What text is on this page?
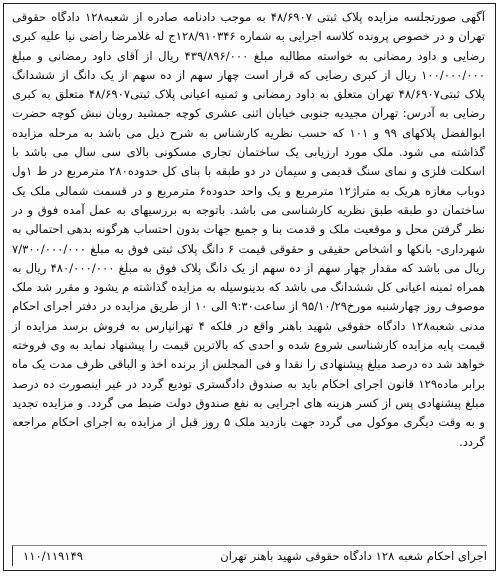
آگهی صورتجلسه مزایده پلاک ثبتی ۴۸/۶۹۰۷ به موجب دادنامه صادره از شعبه۱۲۸ دادگاه حقوقی تهران و در خصوص پرونده کلاسه اجرایی به شماره ۱۲۸/۹۱۰۳۴۶ج له غلامرضا راضی نیا علیه کبری رضایی و داود رمضانی به خواسته مطالبه مبلغ ۴۳۹/۸۹۶/۰۰۰ ریال از آقای داود رمضانی و مبلغ ۱۰۰/۰۰۰/۰۰۰ ریال از کبری رضایی که قرار است چهار سهم از ده سهم از یک دانگ از ششدانگ پلاک ثبتی۴۸/۶۹۰۷ تهران متعلق به داود رمضانی و ثمنیه اعیانی پلاک ثبتی۴۸/۶۹۰۷ متعلق به کبری رضایی به آدرس: تهران مجیدیه جنوبی خیابان اثنی عشری کوچه جمشید روبان نبش کوچه حضرت ابوالفضل پلاکهای ۹۹ و ۱۰۱ که حسب نظریه کارشناس به شرح ذیل می باشد به مرحله مزایده گذاشته می شود. ملک مورد ارزیابی یک ساختمان تجاری مسکونی بالای سی سال می باشد با اسکلت فلزی و نمای سنگ قدیمی و سیمان در دو طبقه با بنای کل حدوده۲۸۰ مترمربع در ط ۱ول دوباب مغازه هریک به متراژ۱۲ مترمربع و یک واحد حدوده۶ مترمربع و در قسمت شمالی ملک یک ساختمان دو طبقه طبق نظریه کارشناسی می باشد. باتوجه به بررسیهای به عمل آمده فوق و در نظر گرفتن محل و موقعیت ملک و قدمت بنا و جمیع جهات بدون احتساب هرگونه بدهی احتمالی به شهرداری- بانکها و اشخاص حقیقی و حقوقی قیمت ۶ دانگ پلاک ثبتی فوق به مبلغ ۷/۳۰۰/۰۰۰/۰۰۰ ریال می باشد که مقدار چهار سهم از ده سهم از یک دانگ پلاک فوق به مبلغ ۴۸۰/۰۰۰/۰۰۰ ریال به همراه ثمینه اعیانی کل ششدانگ می باشد که بدینوسیله به مزایده گذاشته م یشود و مقرر شد ملک موصوف روز چهارشنبه مورخ۹۵/۱۰/۲۹ از ساعت۹:۳۰ الی ۱۰ از طریق مزایده در دفتر اجرای احکام مدنی شعبه۱۲۸ دادگاه حقوقی شهید باهنر واقع در فلکه ۴ تهرانپارس به فروش برسد مزایده از قیمت پایه مزایده کارشناسی شروع شده و احدی که بالاترین قیمت را پیشنهاد نماید به وی فروخته خواهد شد ده درصد مبلغ پیشنهادی را نقدا و فی المجلس از برنده اخذ و الباقی ظرف مدت یک ماه برابر ماده۱۲۹ قانون اجرای احکام باید به صندوق دادگستری تودیع گردد در غیر اینصورت ده درصد مبلغ پیشنهادی پس از کسر هزینه های اجرایی به نفع صندوق دولت ضبط می گردد. و مزایده تجدید و به وقت دیگری موکول می گردد جهت بازدید ملک ۵ روز قبل از مزایده به اجرای احکام مراجعه گردد.

اجرای احکام شعبه ۱۲۸ دادگاه حقوقی شهید باهنر تهران
۱۱۰/۱۱۹۱۴۹
